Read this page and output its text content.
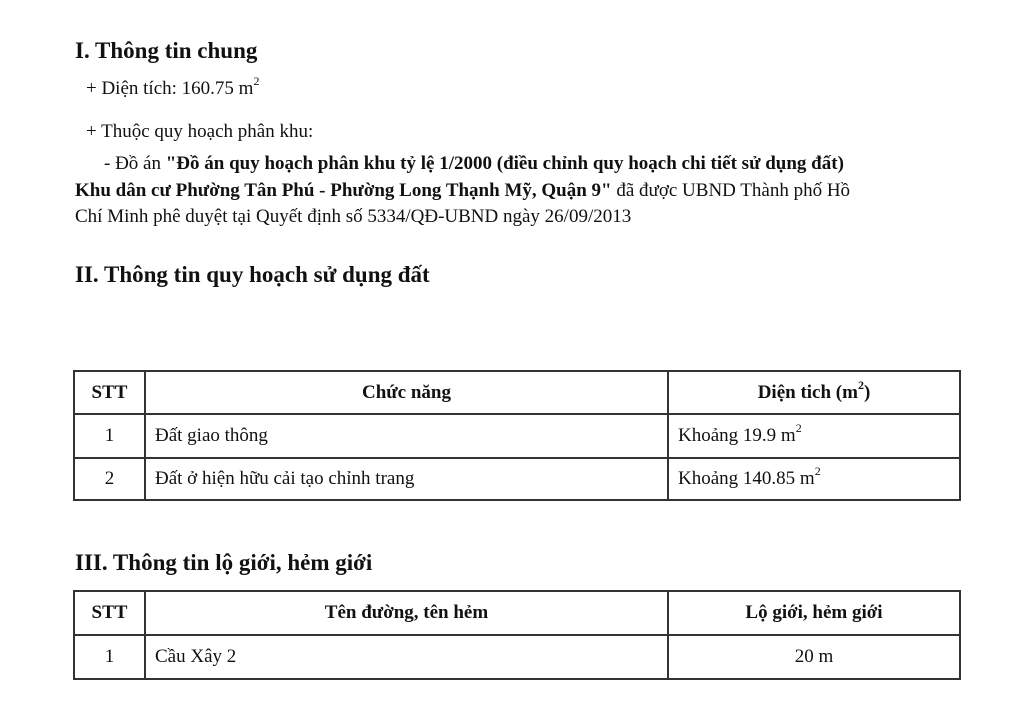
I. Thông tin chung
+ Diện tích: 160.75 $m^2$
+ Thuộc quy hoạch phân khu:
- Đồ án "Đồ án quy hoạch phân khu tỷ lệ 1/2000 (điều chỉnh quy hoạch chi tiết sử dụng đất)
Khu dân cư Phường Tân Phú - Phường Long Thạnh Mỹ, Quận 9" đã được UBND Thành phố Hồ
Chí Minh phê duyệt tại Quyết định số 5334/QĐ-UBND ngày 26/09/2013
II. Thông tin quy hoạch sử dụng đất
STT	Chức năng	Diện tich $(m^2)$
1	Đất giao thông	Khoảng 19.9 $m^2$
2	Đất ở hiện hữu cải tạo chỉnh trang	Khoảng 140.85 $m^2$
III. Thông tin lộ giới, hẻm giới
STT	Tên đường, tên hẻm	Lộ giới, hẻm giới
1	Cầu Xây 2	20 m
